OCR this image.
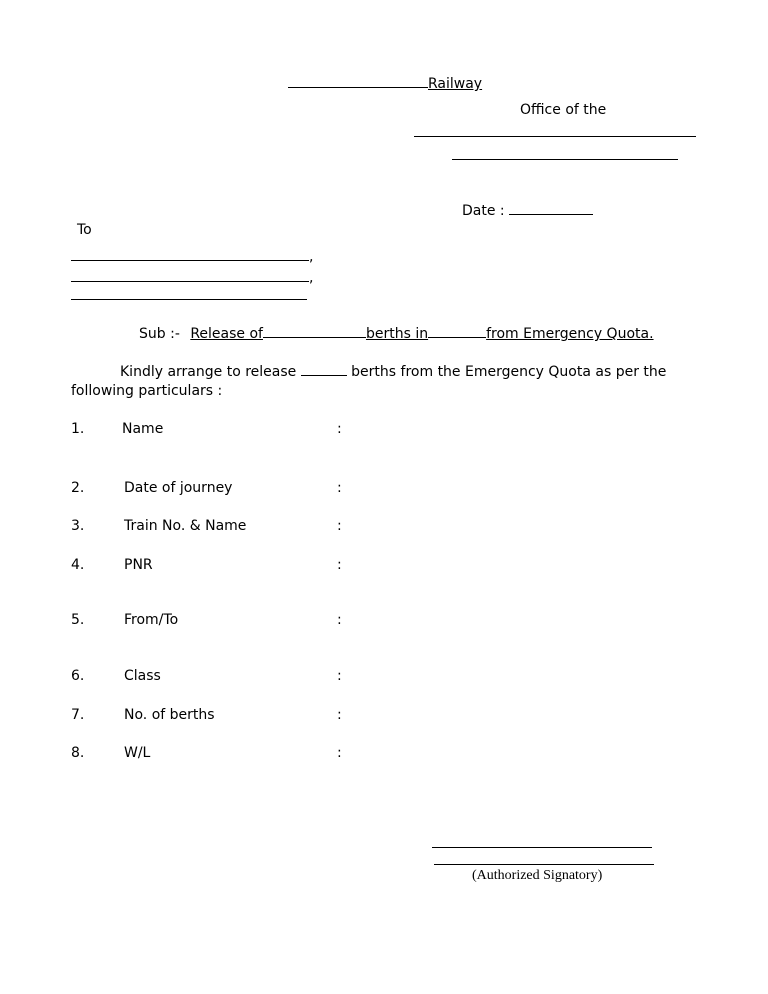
Railway
Office of the
Date :
To
,
,
Sub :- Release of	berths in	from Emergency Quota.
Kindly arrange to release	berths from the Emergency Quota as per the
following particulars :
1.	Name	:
2.	Date of journey	:
3.	Train No. & Name	:
4.	PNR	:
5.	From/To	:
6.	Class	:
7.	No. of berths	:
8.	W/L	:
(Authorized Signatory)
